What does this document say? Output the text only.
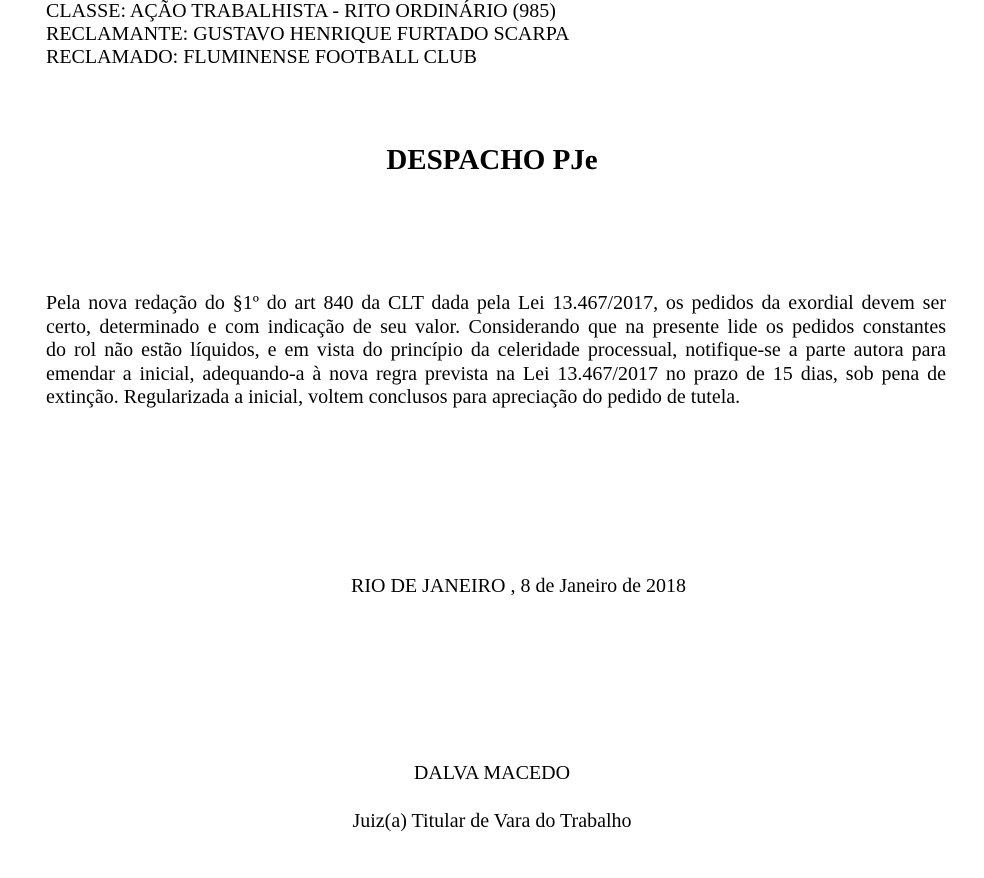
CLASSE: AÇÃO TRABALHISTA - RITO ORDINÁRIO (985)
RECLAMANTE: GUSTAVO HENRIQUE FURTADO SCARPA
RECLAMADO: FLUMINENSE FOOTBALL CLUB
DESPACHO PJe
Pela nova redação do §1º do art 840 da CLT dada pela Lei 13.467/2017, os pedidos da exordial devem ser
certo, determinado e com indicação de seu valor. Considerando que na presente lide os pedidos constantes
do rol não estão líquidos, e em vista do princípio da celeridade processual, notifique-se a parte autora para
emendar a inicial, adequando-a à nova regra prevista na Lei 13.467/2017 no prazo de 15 dias, sob pena de
extinção. Regularizada a inicial, voltem conclusos para apreciação do pedido de tutela.
RIO DE JANEIRO , 8 de Janeiro de 2018
DALVA MACEDO
Juiz(a) Titular de Vara do Trabalho
